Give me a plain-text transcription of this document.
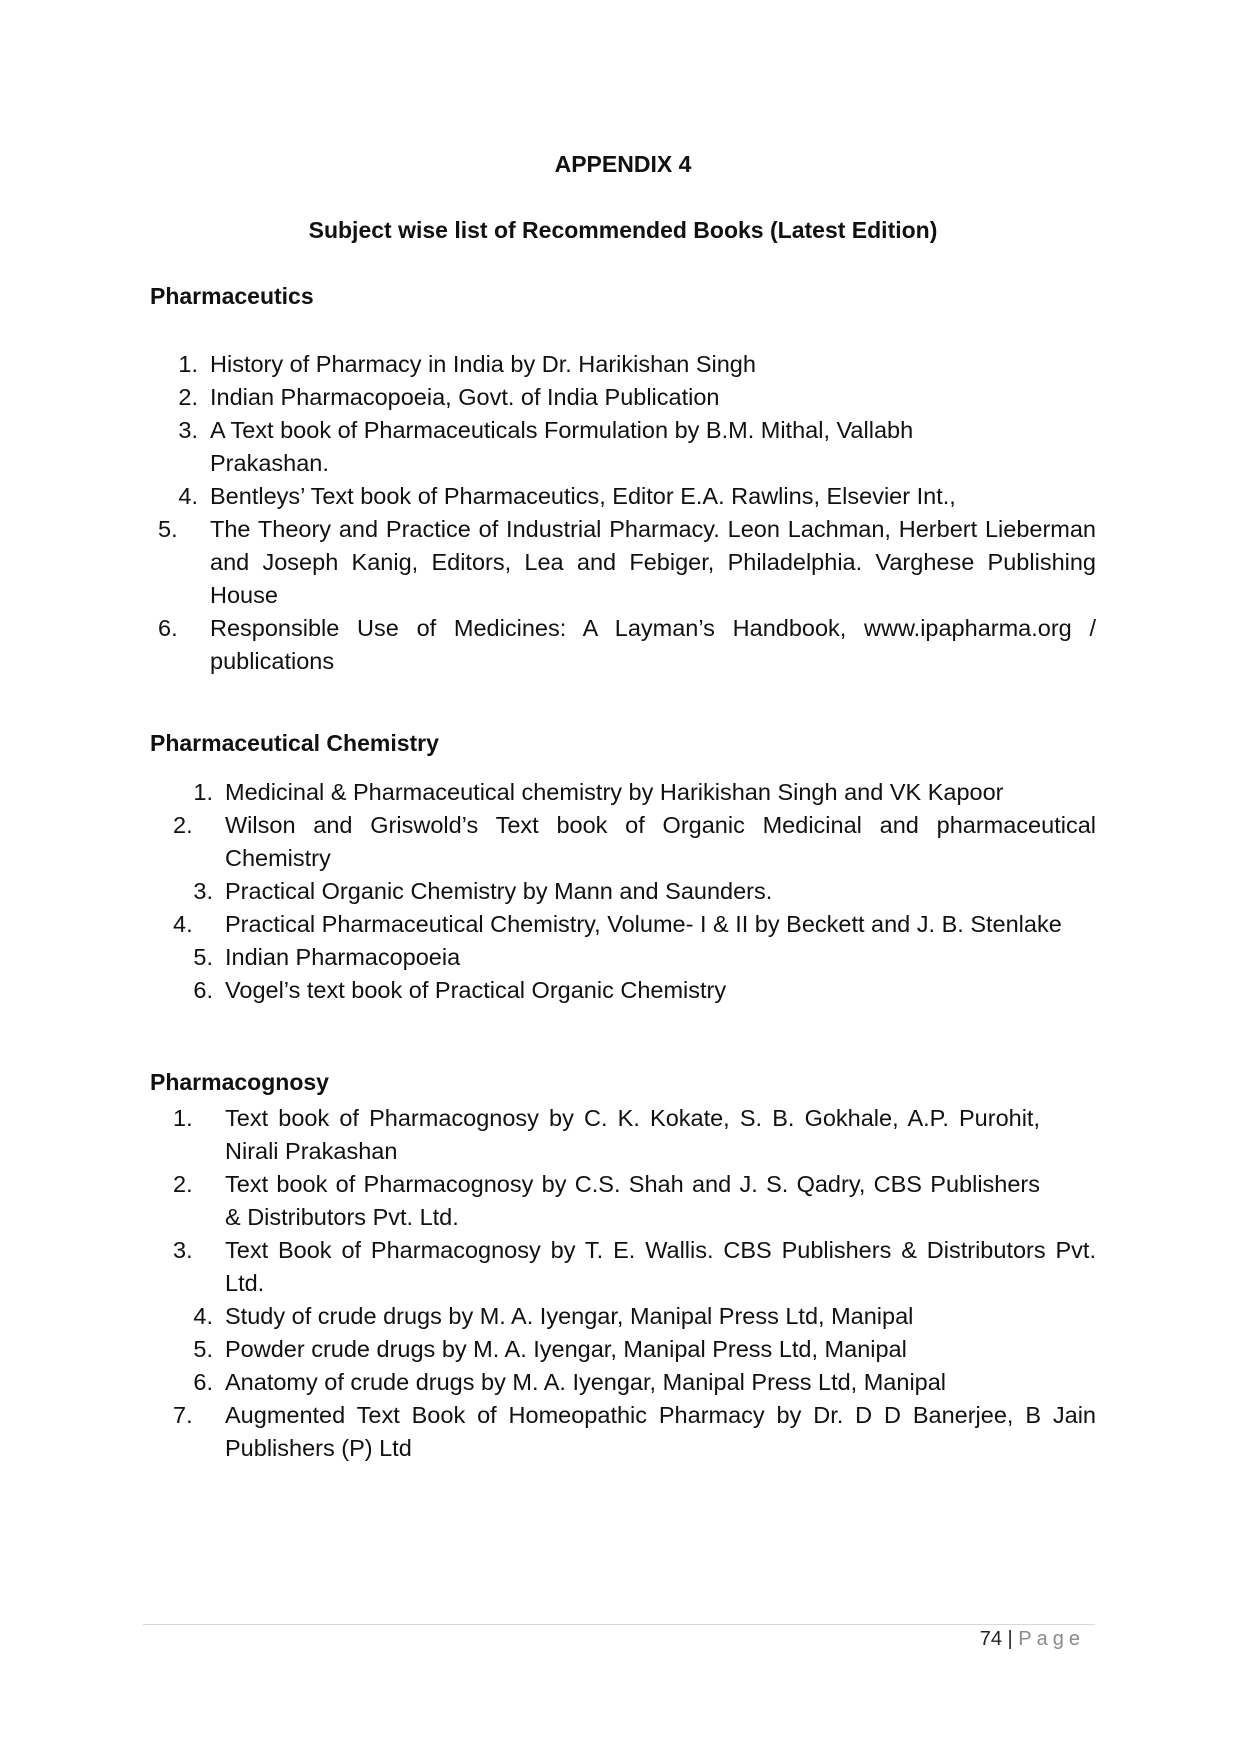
APPENDIX 4
Subject wise list of Recommended Books (Latest Edition)
Pharmaceutics
1. History of Pharmacy in India by Dr. Harikishan Singh
2. Indian Pharmacopoeia, Govt. of India Publication
3. A Text book of Pharmaceuticals Formulation by B.M. Mithal, Vallabh Prakashan.
4. Bentleys’ Text book of Pharmaceutics, Editor E.A. Rawlins, Elsevier Int.,
5.	The Theory and Practice of Industrial Pharmacy. Leon Lachman, Herbert Lieberman and Joseph Kanig, Editors, Lea and Febiger, Philadelphia. Varghese Publishing House
6.	Responsible Use of Medicines: A Layman’s Handbook, www.ipapharma.org / publications
Pharmaceutical Chemistry
1. Medicinal & Pharmaceutical chemistry by Harikishan Singh and VK Kapoor
2.	Wilson and Griswold’s Text book of Organic Medicinal and pharmaceutical Chemistry
3. Practical Organic Chemistry by Mann and Saunders.
4.	Practical Pharmaceutical Chemistry, Volume- I & II by Beckett and J. B. Stenlake
5. Indian Pharmacopoeia
6. Vogel’s text book of Practical Organic Chemistry
Pharmacognosy
1.	Text book of Pharmacognosy by C. K. Kokate, S. B. Gokhale, A.P. Purohit, Nirali Prakashan
2.	Text book of Pharmacognosy by C.S. Shah and J. S. Qadry, CBS Publishers & Distributors Pvt. Ltd.
3.	Text Book of Pharmacognosy by T. E. Wallis. CBS Publishers & Distributors Pvt. Ltd.
4. Study of crude drugs by M. A. Iyengar, Manipal Press Ltd, Manipal
5. Powder crude drugs by M. A. Iyengar, Manipal Press Ltd, Manipal
6. Anatomy of crude drugs by M. A. Iyengar, Manipal Press Ltd, Manipal
7.	Augmented Text Book of Homeopathic Pharmacy by Dr. D D Banerjee, B Jain Publishers (P) Ltd
74 | Page
